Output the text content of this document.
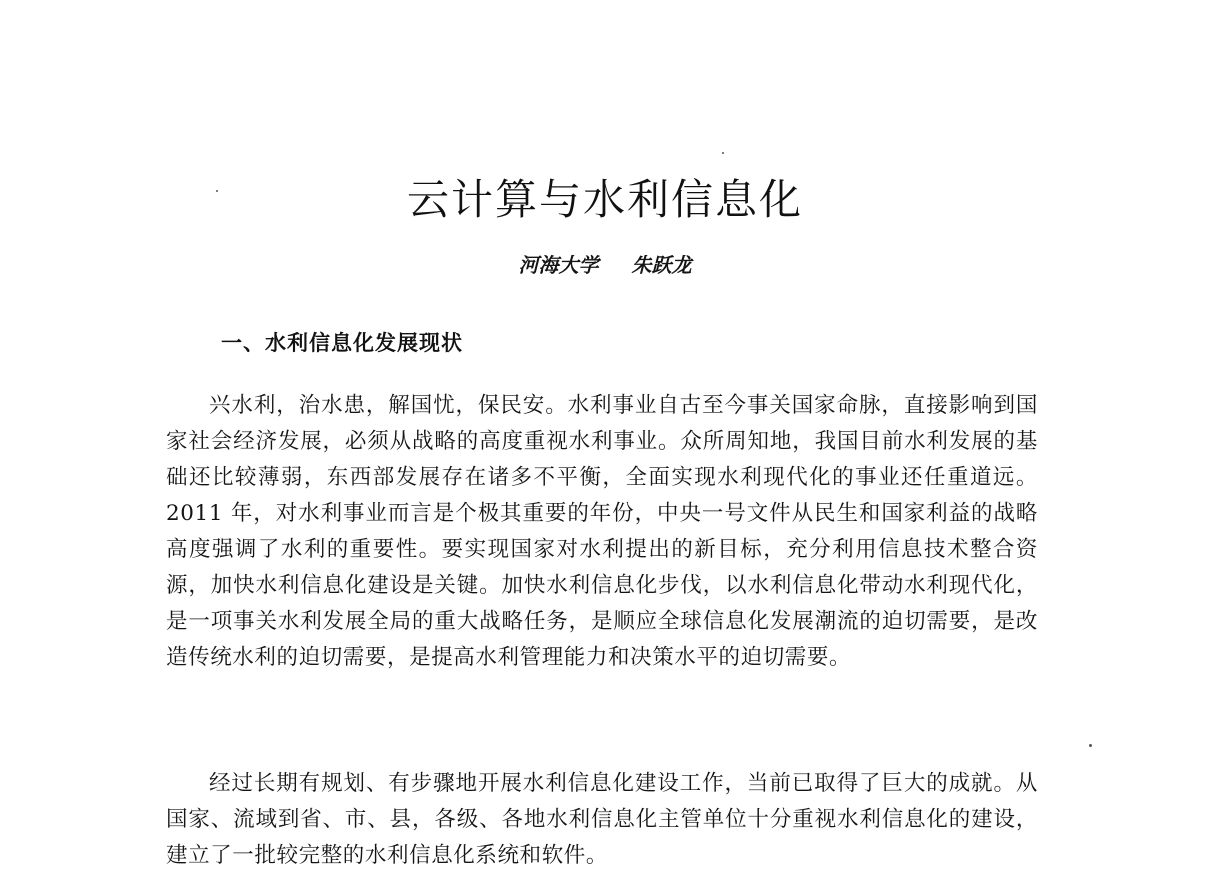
云计算与水利信息化
河海大学 朱跃龙
一、水利信息化发展现状

兴水利，治水患，解国忧，保民安。水利事业自古至今事关国家命脉，直接影响到国家社会经济发展，必须从战略的高度重视水利事业。众所周知地，我国目前水利发展的基础还比较薄弱，东西部发展存在诸多不平衡，全面实现水利现代化的事业还任重道远。2011 年，对水利事业而言是个极其重要的年份，中央一号文件从民生和国家利益的战略高度强调了水利的重要性。要实现国家对水利提出的新目标，充分利用信息技术整合资源，加快水利信息化建设是关键。加快水利信息化步伐，以水利信息化带动水利现代化，是一项事关水利发展全局的重大战略任务，是顺应全球信息化发展潮流的迫切需要，是改造传统水利的迫切需要，是提高水利管理能力和决策水平的迫切需要。

经过长期有规划、有步骤地开展水利信息化建设工作，当前已取得了巨大的成就。从国家、流域到省、市、县，各级、各地水利信息化主管单位十分重视水利信息化的建设，建立了一批较完整的水利信息化系统和软件。
